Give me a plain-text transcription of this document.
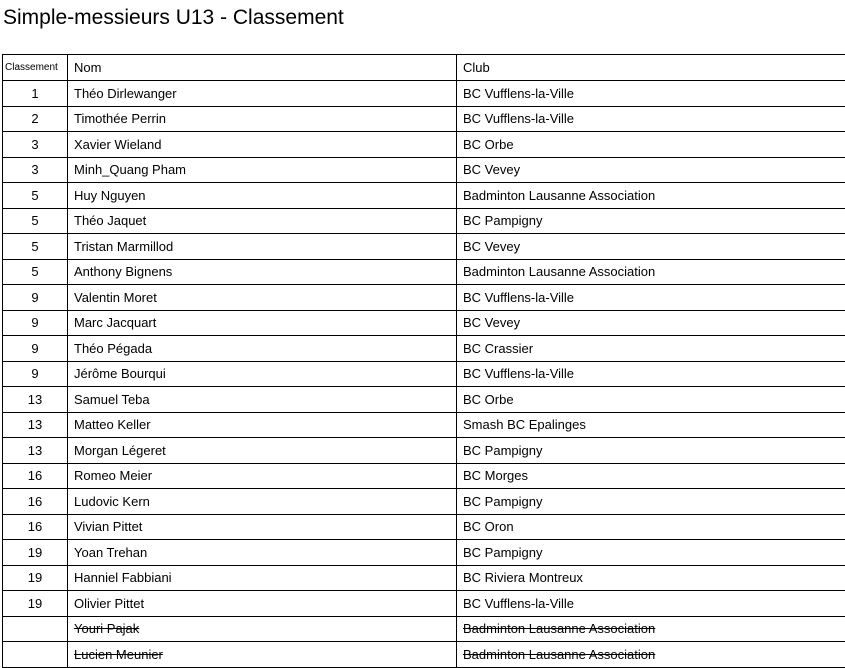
Simple-messieurs U13 - Classement
Classement	Nom	Club
1	Théo Dirlewanger	BC Vufflens-la-Ville
2	Timothée Perrin	BC Vufflens-la-Ville
3	Xavier Wieland	BC Orbe
3	Minh_Quang Pham	BC Vevey
5	Huy Nguyen	Badminton Lausanne Association
5	Théo Jaquet	BC Pampigny
5	Tristan Marmillod	BC Vevey
5	Anthony Bignens	Badminton Lausanne Association
9	Valentin Moret	BC Vufflens-la-Ville
9	Marc Jacquart	BC Vevey
9	Théo Pégada	BC Crassier
9	Jérôme Bourqui	BC Vufflens-la-Ville
13	Samuel Teba	BC Orbe
13	Matteo Keller	Smash BC Epalinges
13	Morgan Légeret	BC Pampigny
16	Romeo Meier	BC Morges
16	Ludovic Kern	BC Pampigny
16	Vivian Pittet	BC Oron
19	Yoan Trehan	BC Pampigny
19	Hanniel Fabbiani	BC Riviera Montreux
19	Olivier Pittet	BC Vufflens-la-Ville
	Youri Pajak	Badminton Lausanne Association
	Lucien Meunier	Badminton Lausanne Association
